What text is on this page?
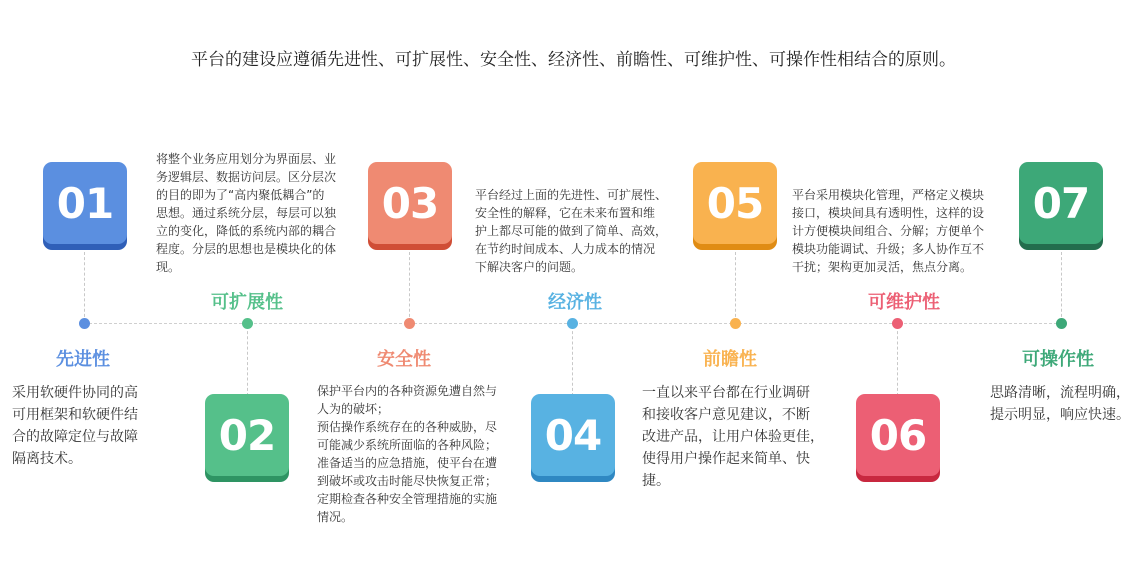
平台的建设应遵循先进性、可扩展性、安全性、经济性、前瞻性、可维护性、可操作性相结合的原则。
01
02
03
04
05
06
07
先进性
可扩展性
安全性
经济性
前瞻性
可维护性
可操作性
采用软硬件协同的高
可用框架和软硬件结
合的故障定位与故障
隔离技术。
将整个业务应用划分为界面层、业
务逻辑层、数据访问层。区分层次
的目的即为了“高内聚低耦合”的
思想。通过系统分层，每层可以独
立的变化，降低的系统内部的耦合
程度。分层的思想也是模块化的体
现。
保护平台内的各种资源免遭自然与
人为的破坏；
预估操作系统存在的各种威胁，尽
可能减少系统所面临的各种风险；
准备适当的应急措施，使平台在遭
到破坏或攻击时能尽快恢复正常；
定期检查各种安全管理措施的实施
情况。
平台经过上面的先进性、可扩展性、
安全性的解释，它在未来布置和维
护上都尽可能的做到了简单、高效，
在节约时间成本、人力成本的情况
下解决客户的问题。
一直以来平台都在行业调研
和接收客户意见建议，不断
改进产品，让用户体验更佳，
使得用户操作起来简单、快
捷。
平台采用模块化管理，严格定义模块
接口，模块间具有透明性，这样的设
计方便模块间组合、分解；方便单个
模块功能调试、升级；多人协作互不
干扰；架构更加灵活，焦点分离。
思路清晰，流程明确，
提示明显，响应快速。
